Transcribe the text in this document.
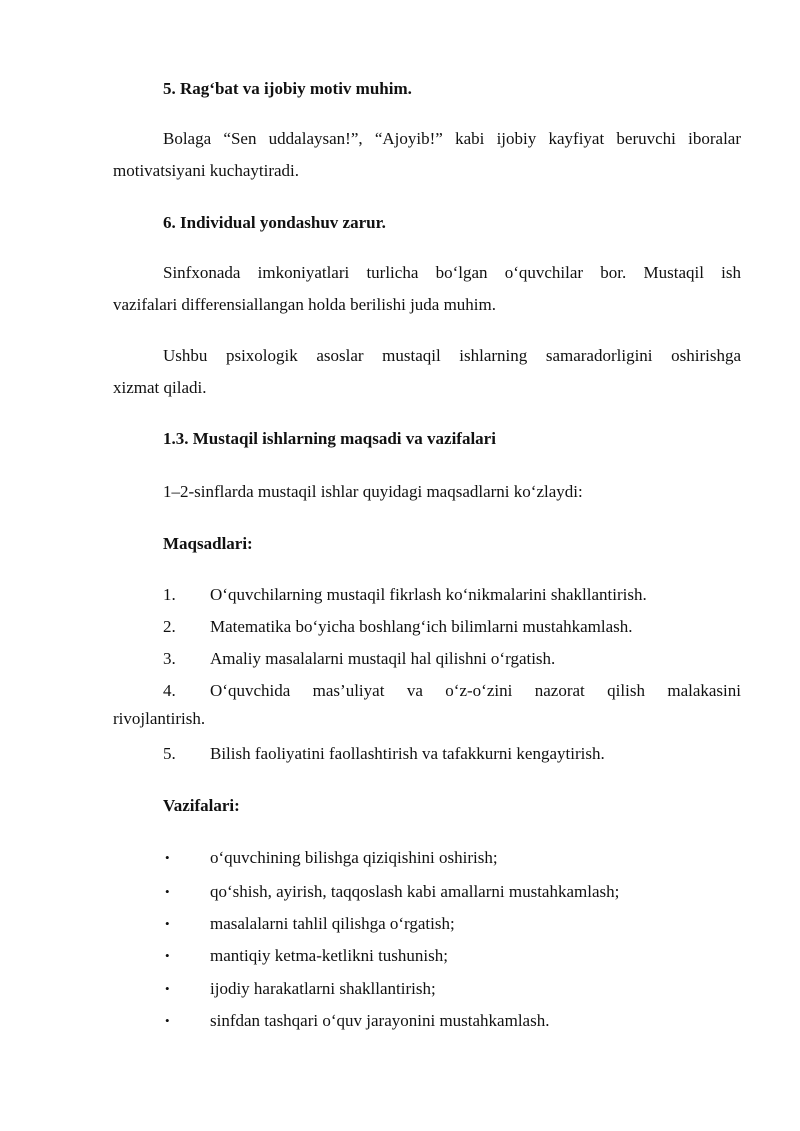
5. Rag‘bat va ijobiy motiv muhim.

Bolaga “Sen uddalaysan!”, “Ajoyib!” kabi ijobiy kayfiyat beruvchi iboralar

motivatsiyani kuchaytiradi.

6. Individual yondashuv zarur.

Sinfxonada imkoniyatlari turlicha bo‘lgan o‘quvchilar bor. Mustaqil ish

vazifalari differensiallangan holda berilishi juda muhim.

Ushbu psixologik asoslar mustaqil ishlarning samaradorligini oshirishga

xizmat qiladi.

1.3. Mustaqil ishlarning maqsadi va vazifalari

1–2-sinflarda mustaqil ishlar quyidagi maqsadlarni ko‘zlaydi:

Maqsadlari:

1. O‘quvchilarning mustaqil fikrlash ko‘nikmalarini shakllantirish.
2. Matematika bo‘yicha boshlang‘ich bilimlarni mustahkamlash.
3. Amaliy masalalarni mustaqil hal qilishni o‘rgatish.
4. O‘quvchida mas’uliyat va o‘z-o‘zini nazorat qilish malakasini
rivojlantirish.
5. Bilish faoliyatini faollashtirish va tafakkurni kengaytirish.

Vazifalari:

• o‘quvchining bilishga qiziqishini oshirish;
• qo‘shish, ayirish, taqqoslash kabi amallarni mustahkamlash;
• masalalarni tahlil qilishga o‘rgatish;
• mantiqiy ketma-ketlikni tushunish;
• ijodiy harakatlarni shakllantirish;
• sinfdan tashqari o‘quv jarayonini mustahkamlash.
